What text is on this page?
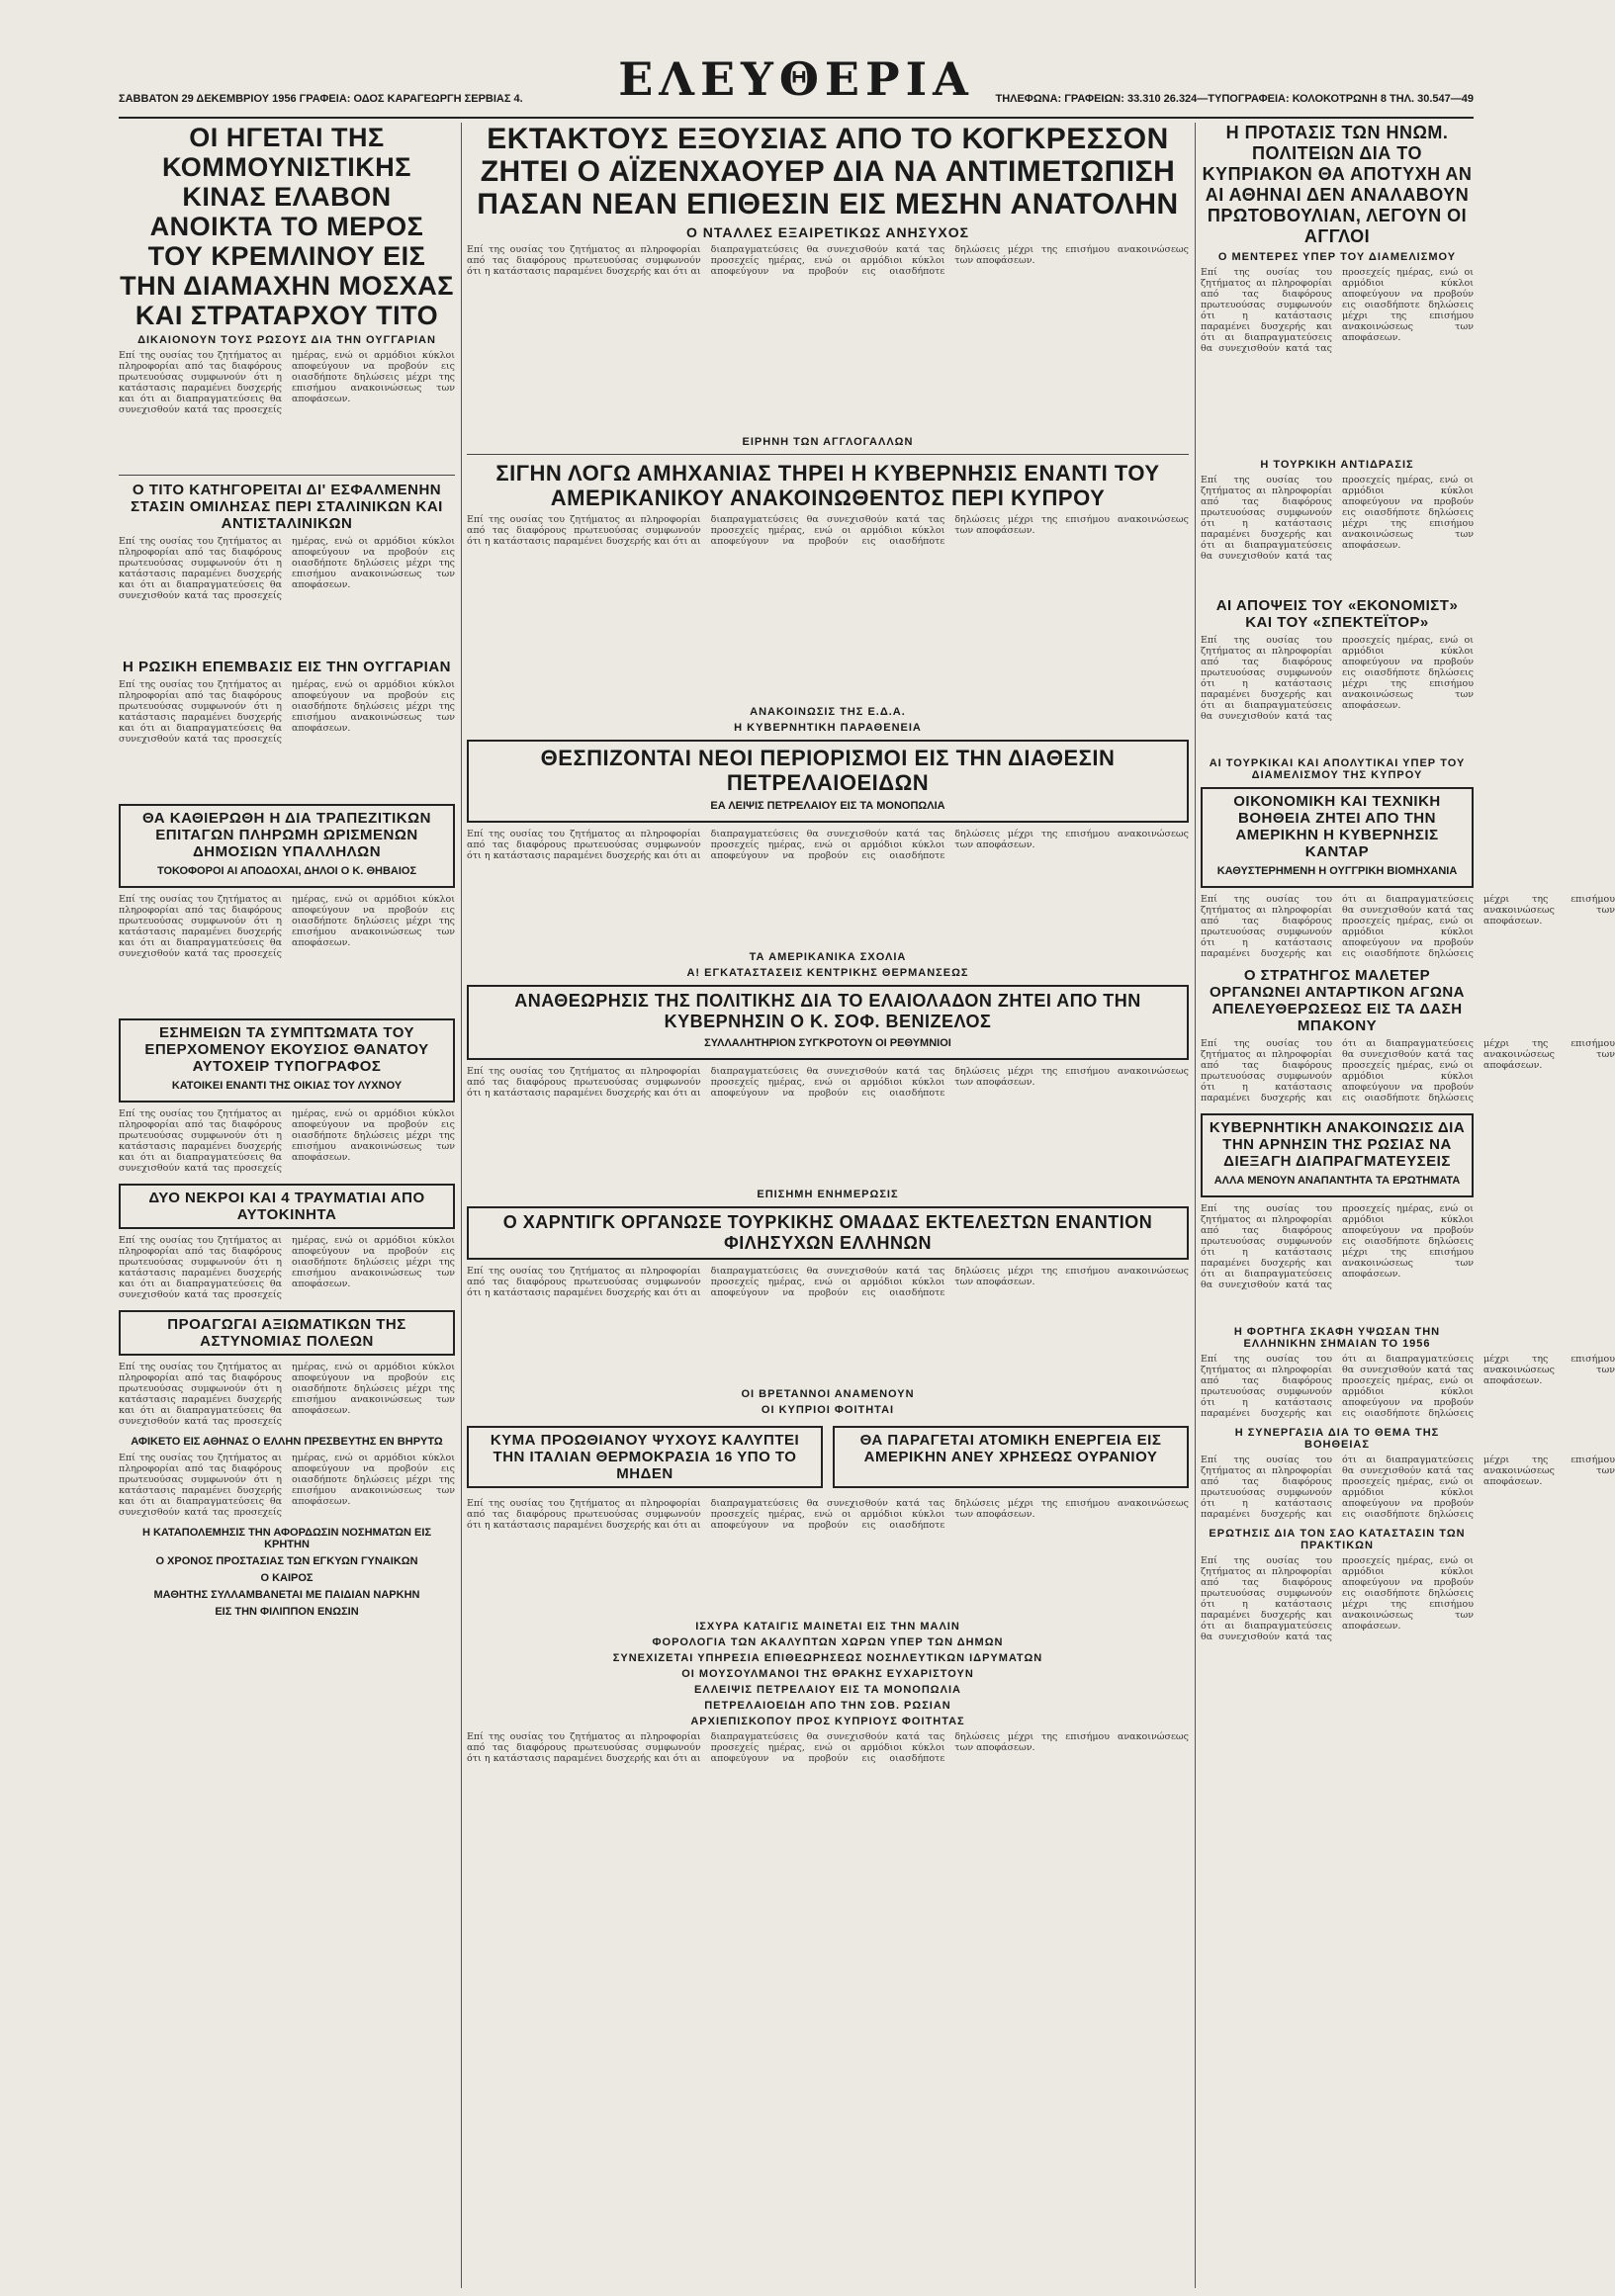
ΕΛΕΥΘΕΡΙΑ
ΣΑΒΒΑΤΟΝ 29 ΔΕΚΕΜΒΡΙΟΥ 1956 ΓΡΑΦΕΙΑ: ΟΔΟΣ ΚΑΡΑΓΕΩΡΓΗ ΣΕΡΒΙΑΣ 4.	ΤΗΛΕΦΩΝΑ: ΓΡΑΦΕΙΩΝ: 33.310 26.324—ΤΥΠΟΓΡΑΦΕΙΑ: ΚΟΛΟΚΟΤΡΩΝΗ 8 ΤΗΛ. 30.547—49
ΟΙ ΗΓΕΤΑΙ ΤΗΣ ΚΟΜΜΟΥΝΙΣΤΙΚΗΣ ΚΙΝΑΣ ΕΛΑΒΟΝ ΑΝΟΙΚΤΑ ΤΟ ΜΕΡΟΣ ΤΟΥ ΚΡΕΜΛΙΝΟΥ ΕΙΣ ΤΗΝ ΔΙΑΜΑΧΗΝ ΜΟΣΧΑΣ ΚΑΙ ΣΤΡΑΤΑΡΧΟΥ ΤΙΤΟ
ΔΙΚΑΙΟΝΟΥΝ ΤΟΥΣ ΡΩΣΟΥΣ ΔΙΑ ΤΗΝ ΟΥΓΓΑΡΙΑΝ
Επί της ουσίας του ζητήματος αι πληροφορίαι από τας διαφόρους πρωτευούσας συμφωνούν ότι η κατάστασις παραμένει δυσχερής και ότι αι διαπραγματεύσεις θα συνεχισθούν κατά τας προσεχείς ημέρας, ενώ οι αρμόδιοι κύκλοι αποφεύγουν να προβούν εις οιασδήποτε δηλώσεις μέχρι της επισήμου ανακοινώσεως των αποφάσεων.
Ο ΤΙΤΟ ΚΑΤΗΓΟΡΕΙΤΑΙ ΔΙ' ΕΣΦΑΛΜΕΝΗΝ ΣΤΑΣΙΝ ΟΜΙΛΗΣΑΣ ΠΕΡΙ ΣΤΑΛΙΝΙΚΩΝ ΚΑΙ ΑΝΤΙΣΤΑΛΙΝΙΚΩΝ
Επί της ουσίας του ζητήματος αι πληροφορίαι από τας διαφόρους πρωτευούσας συμφωνούν ότι η κατάστασις παραμένει δυσχερής και ότι αι διαπραγματεύσεις θα συνεχισθούν κατά τας προσεχείς ημέρας, ενώ οι αρμόδιοι κύκλοι αποφεύγουν να προβούν εις οιασδήποτε δηλώσεις μέχρι της επισήμου ανακοινώσεως των αποφάσεων.
Η ΡΩΣΙΚΗ ΕΠΕΜΒΑΣΙΣ ΕΙΣ ΤΗΝ ΟΥΓΓΑΡΙΑΝ
Επί της ουσίας του ζητήματος αι πληροφορίαι από τας διαφόρους πρωτευούσας συμφωνούν ότι η κατάστασις παραμένει δυσχερής και ότι αι διαπραγματεύσεις θα συνεχισθούν κατά τας προσεχείς ημέρας, ενώ οι αρμόδιοι κύκλοι αποφεύγουν να προβούν εις οιασδήποτε δηλώσεις μέχρι της επισήμου ανακοινώσεως των αποφάσεων.
ΘΑ ΚΑΘΙΕΡΩΘΗ Η ΔΙΑ ΤΡΑΠΕΖΙΤΙΚΩΝ ΕΠΙΤΑΓΩΝ ΠΛΗΡΩΜΗ ΩΡΙΣΜΕΝΩΝ ΔΗΜΟΣΙΩΝ ΥΠΑΛΛΗΛΩΝ
ΤΟΚΟΦΟΡΟΙ ΑΙ ΑΠΟΔΟΧΑΙ, ΔΗΛΟΙ Ο Κ. ΘΗΒΑΙΟΣ
Επί της ουσίας του ζητήματος αι πληροφορίαι από τας διαφόρους πρωτευούσας συμφωνούν ότι η κατάστασις παραμένει δυσχερής και ότι αι διαπραγματεύσεις θα συνεχισθούν κατά τας προσεχείς ημέρας, ενώ οι αρμόδιοι κύκλοι αποφεύγουν να προβούν εις οιασδήποτε δηλώσεις μέχρι της επισήμου ανακοινώσεως των αποφάσεων.
ΕΣΗΜΕΙΩΝ ΤΑ ΣΥΜΠΤΩΜΑΤΑ ΤΟΥ ΕΠΕΡΧΟΜΕΝΟΥ ΕΚΟΥΣΙΟΣ ΘΑΝΑΤΟΥ ΑΥΤΟΧΕΙΡ ΤΥΠΟΓΡΑΦΟΣ
ΚΑΤΟΙΚΕΙ ΕΝΑΝΤΙ ΤΗΣ ΟΙΚΙΑΣ ΤΟΥ ΛΥΧΝΟΥ
Επί της ουσίας του ζητήματος αι πληροφορίαι από τας διαφόρους πρωτευούσας συμφωνούν ότι η κατάστασις παραμένει δυσχερής και ότι αι διαπραγματεύσεις θα συνεχισθούν κατά τας προσεχείς ημέρας, ενώ οι αρμόδιοι κύκλοι αποφεύγουν να προβούν εις οιασδήποτε δηλώσεις μέχρι της επισήμου ανακοινώσεως των αποφάσεων.
ΔΥΟ ΝΕΚΡΟΙ ΚΑΙ 4 ΤΡΑΥΜΑΤΙΑΙ ΑΠΟ ΑΥΤΟΚΙΝΗΤΑ
Επί της ουσίας του ζητήματος αι πληροφορίαι από τας διαφόρους πρωτευούσας συμφωνούν ότι η κατάστασις παραμένει δυσχερής και ότι αι διαπραγματεύσεις θα συνεχισθούν κατά τας προσεχείς ημέρας, ενώ οι αρμόδιοι κύκλοι αποφεύγουν να προβούν εις οιασδήποτε δηλώσεις μέχρι της επισήμου ανακοινώσεως των αποφάσεων.
ΠΡΟΑΓΩΓΑΙ ΑΞΙΩΜΑΤΙΚΩΝ ΤΗΣ ΑΣΤΥΝΟΜΙΑΣ ΠΟΛΕΩΝ
Επί της ουσίας του ζητήματος αι πληροφορίαι από τας διαφόρους πρωτευούσας συμφωνούν ότι η κατάστασις παραμένει δυσχερής και ότι αι διαπραγματεύσεις θα συνεχισθούν κατά τας προσεχείς ημέρας, ενώ οι αρμόδιοι κύκλοι αποφεύγουν να προβούν εις οιασδήποτε δηλώσεις μέχρι της επισήμου ανακοινώσεως των αποφάσεων.
ΑΦΙΚΕΤΟ ΕΙΣ ΑΘΗΝΑΣ Ο ΕΛΛΗΝ ΠΡΕΣΒΕΥΤΗΣ ΕΝ ΒΗΡΥΤΩ
Επί της ουσίας του ζητήματος αι πληροφορίαι από τας διαφόρους πρωτευούσας συμφωνούν ότι η κατάστασις παραμένει δυσχερής και ότι αι διαπραγματεύσεις θα συνεχισθούν κατά τας προσεχείς ημέρας, ενώ οι αρμόδιοι κύκλοι αποφεύγουν να προβούν εις οιασδήποτε δηλώσεις μέχρι της επισήμου ανακοινώσεως των αποφάσεων.
Η ΚΑΤΑΠΟΛΕΜΗΣΙΣ ΤΗΝ ΑΦΟΡΔΩΣΙΝ ΝΟΣΗΜΑΤΩΝ ΕΙΣ ΚΡΗΤΗΝ
Ο ΧΡΟΝΟΣ ΠΡΟΣΤΑΣΙΑΣ ΤΩΝ ΕΓΚΥΩΝ ΓΥΝΑΙΚΩΝ
Ο ΚΑΙΡΟΣ
ΜΑΘΗΤΗΣ ΣΥΛΛΑΜΒΑΝΕΤΑΙ ΜΕ ΠΑΙΔΙΑΝ ΝΑΡΚΗΝ
ΕΙΣ ΤΗΝ ΦΙΛΙΠΠΟΝ ΕΝΩΣΙΝ
ΕΚΤΑΚΤΟΥΣ ΕΞΟΥΣΙΑΣ ΑΠΟ ΤΟ ΚΟΓΚΡΕΣΣΟΝ ΖΗΤΕΙ Ο ΑΪΖΕΝΧΑΟΥΕΡ ΔΙΑ ΝΑ ΑΝΤΙΜΕΤΩΠΙΣΗ ΠΑΣΑΝ ΝΕΑΝ ΕΠΙΘΕΣΙΝ ΕΙΣ ΜΕΣΗΝ ΑΝΑΤΟΛΗΝ
Ο ΝΤΑΛΛΕΣ ΕΞΑΙΡΕΤΙΚΩΣ ΑΝΗΣΥΧΟΣ
Επί της ουσίας του ζητήματος αι πληροφορίαι από τας διαφόρους πρωτευούσας συμφωνούν ότι η κατάστασις παραμένει δυσχερής και ότι αι διαπραγματεύσεις θα συνεχισθούν κατά τας προσεχείς ημέρας, ενώ οι αρμόδιοι κύκλοι αποφεύγουν να προβούν εις οιασδήποτε δηλώσεις μέχρι της επισήμου ανακοινώσεως των αποφάσεων.
ΕΙΡΗΝΗ ΤΩΝ ΑΓΓΛΟΓΑΛΛΩΝ
ΣΙΓΗΝ ΛΟΓΩ ΑΜΗΧΑΝΙΑΣ ΤΗΡΕΙ Η ΚΥΒΕΡΝΗΣΙΣ ΕΝΑΝΤΙ ΤΟΥ ΑΜΕΡΙΚΑΝΙΚΟΥ ΑΝΑΚΟΙΝΩΘΕΝΤΟΣ ΠΕΡΙ ΚΥΠΡΟΥ
Επί της ουσίας του ζητήματος αι πληροφορίαι από τας διαφόρους πρωτευούσας συμφωνούν ότι η κατάστασις παραμένει δυσχερής και ότι αι διαπραγματεύσεις θα συνεχισθούν κατά τας προσεχείς ημέρας, ενώ οι αρμόδιοι κύκλοι αποφεύγουν να προβούν εις οιασδήποτε δηλώσεις μέχρι της επισήμου ανακοινώσεως των αποφάσεων.
ΑΝΑΚΟΙΝΩΣΙΣ ΤΗΣ Ε.Δ.Α.
Η ΚΥΒΕΡΝΗΤΙΚΗ ΠΑΡΑΘΕΝΕΙΑ
ΘΕΣΠΙΖΟΝΤΑΙ ΝΕΟΙ ΠΕΡΙΟΡΙΣΜΟΙ ΕΙΣ ΤΗΝ ΔΙΑΘΕΣΙΝ ΠΕΤΡΕΛΑΙΟΕΙΔΩΝ
ΕΑ ΛΕΙΨΙΣ ΠΕΤΡΕΛΑΙΟΥ ΕΙΣ ΤΑ ΜΟΝΟΠΩΛΙΑ
Επί της ουσίας του ζητήματος αι πληροφορίαι από τας διαφόρους πρωτευούσας συμφωνούν ότι η κατάστασις παραμένει δυσχερής και ότι αι διαπραγματεύσεις θα συνεχισθούν κατά τας προσεχείς ημέρας, ενώ οι αρμόδιοι κύκλοι αποφεύγουν να προβούν εις οιασδήποτε δηλώσεις μέχρι της επισήμου ανακοινώσεως των αποφάσεων.
ΤΑ ΑΜΕΡΙΚΑΝΙΚΑ ΣΧΟΛΙΑ
Α! ΕΓΚΑΤΑΣΤΑΣΕΙΣ ΚΕΝΤΡΙΚΗΣ ΘΕΡΜΑΝΣΕΩΣ
ΑΝΑΘΕΩΡΗΣΙΣ ΤΗΣ ΠΟΛΙΤΙΚΗΣ ΔΙΑ ΤΟ ΕΛΑΙΟΛΑΔΟΝ ΖΗΤΕΙ ΑΠΟ ΤΗΝ ΚΥΒΕΡΝΗΣΙΝ Ο Κ. ΣΟΦ. ΒΕΝΙΖΕΛΟΣ
ΣΥΛΛΑΛΗΤΗΡΙΟΝ ΣΥΓΚΡΟΤΟΥΝ ΟΙ ΡΕΘΥΜΝΙΟΙ
Επί της ουσίας του ζητήματος αι πληροφορίαι από τας διαφόρους πρωτευούσας συμφωνούν ότι η κατάστασις παραμένει δυσχερής και ότι αι διαπραγματεύσεις θα συνεχισθούν κατά τας προσεχείς ημέρας, ενώ οι αρμόδιοι κύκλοι αποφεύγουν να προβούν εις οιασδήποτε δηλώσεις μέχρι της επισήμου ανακοινώσεως των αποφάσεων.
ΕΠΙΣΗΜΗ ΕΝΗΜΕΡΩΣΙΣ
Ο ΧΑΡΝΤΙΓΚ ΟΡΓΑΝΩΣΕ ΤΟΥΡΚΙΚΗΣ ΟΜΑΔΑΣ ΕΚΤΕΛΕΣΤΩΝ ΕΝΑΝΤΙΟΝ ΦΙΛΗΣΥΧΩΝ ΕΛΛΗΝΩΝ
Επί της ουσίας του ζητήματος αι πληροφορίαι από τας διαφόρους πρωτευούσας συμφωνούν ότι η κατάστασις παραμένει δυσχερής και ότι αι διαπραγματεύσεις θα συνεχισθούν κατά τας προσεχείς ημέρας, ενώ οι αρμόδιοι κύκλοι αποφεύγουν να προβούν εις οιασδήποτε δηλώσεις μέχρι της επισήμου ανακοινώσεως των αποφάσεων.
ΟΙ ΒΡΕΤΑΝΝΟΙ ΑΝΑΜΕΝΟΥΝ
ΟΙ ΚΥΠΡΙΟΙ ΦΟΙΤΗΤΑΙ
ΚΥΜΑ ΠΡΟΩΘΙΑΝΟΥ ΨΥΧΟΥΣ ΚΑΛΥΠΤΕΙ ΤΗΝ ΙΤΑΛΙΑΝ ΘΕΡΜΟΚΡΑΣΙΑ 16 ΥΠΟ ΤΟ ΜΗΔΕΝ
ΘΑ ΠΑΡΑΓΕΤΑΙ ΑΤΟΜΙΚΗ ΕΝΕΡΓΕΙΑ ΕΙΣ ΑΜΕΡΙΚΗΝ ΑΝΕΥ ΧΡΗΣΕΩΣ ΟΥΡΑΝΙΟΥ
Επί της ουσίας του ζητήματος αι πληροφορίαι από τας διαφόρους πρωτευούσας συμφωνούν ότι η κατάστασις παραμένει δυσχερής και ότι αι διαπραγματεύσεις θα συνεχισθούν κατά τας προσεχείς ημέρας, ενώ οι αρμόδιοι κύκλοι αποφεύγουν να προβούν εις οιασδήποτε δηλώσεις μέχρι της επισήμου ανακοινώσεως των αποφάσεων.
ΙΣΧΥΡΑ ΚΑΤΑΙΓΙΣ ΜΑΙΝΕΤΑΙ ΕΙΣ ΤΗΝ ΜΑΛΙΝ
ΦΟΡΟΛΟΓΙΑ ΤΩΝ ΑΚΑΛΥΠΤΩΝ ΧΩΡΩΝ ΥΠΕΡ ΤΩΝ ΔΗΜΩΝ
ΣΥΝΕΧΙΖΕΤΑΙ ΥΠΗΡΕΣΙΑ ΕΠΙΘΕΩΡΗΣΕΩΣ ΝΟΣΗΛΕΥΤΙΚΩΝ ΙΔΡΥΜΑΤΩΝ
ΟΙ ΜΟΥΣΟΥΛΜΑΝΟΙ ΤΗΣ ΘΡΑΚΗΣ ΕΥΧΑΡΙΣΤΟΥΝ
ΕΛΛΕΙΨΙΣ ΠΕΤΡΕΛΑΙΟΥ ΕΙΣ ΤΑ ΜΟΝΟΠΩΛΙΑ
ΠΕΤΡΕΛΑΙΟΕΙΔΗ ΑΠΟ ΤΗΝ ΣΟΒ. ΡΩΣΙΑΝ
ΑΡΧΙΕΠΙΣΚΟΠΟΥ ΠΡΟΣ ΚΥΠΡΙΟΥΣ ΦΟΙΤΗΤΑΣ
Επί της ουσίας του ζητήματος αι πληροφορίαι από τας διαφόρους πρωτευούσας συμφωνούν ότι η κατάστασις παραμένει δυσχερής και ότι αι διαπραγματεύσεις θα συνεχισθούν κατά τας προσεχείς ημέρας, ενώ οι αρμόδιοι κύκλοι αποφεύγουν να προβούν εις οιασδήποτε δηλώσεις μέχρι της επισήμου ανακοινώσεως των αποφάσεων.
Η ΠΡΟΤΑΣΙΣ ΤΩΝ ΗΝΩΜ. ΠΟΛΙΤΕΙΩΝ ΔΙΑ ΤΟ ΚΥΠΡΙΑΚΟΝ ΘΑ ΑΠΟΤΥΧΗ ΑΝ ΑΙ ΑΘΗΝΑΙ ΔΕΝ ΑΝΑΛΑΒΟΥΝ ΠΡΩΤΟΒΟΥΛΙΑΝ, ΛΕΓΟΥΝ ΟΙ ΑΓΓΛΟΙ
Ο ΜΕΝΤΕΡΕΣ ΥΠΕΡ ΤΟΥ ΔΙΑΜΕΛΙΣΜΟΥ
Επί της ουσίας του ζητήματος αι πληροφορίαι από τας διαφόρους πρωτευούσας συμφωνούν ότι η κατάστασις παραμένει δυσχερής και ότι αι διαπραγματεύσεις θα συνεχισθούν κατά τας προσεχείς ημέρας, ενώ οι αρμόδιοι κύκλοι αποφεύγουν να προβούν εις οιασδήποτε δηλώσεις μέχρι της επισήμου ανακοινώσεως των αποφάσεων.
Η ΤΟΥΡΚΙΚΗ ΑΝΤΙΔΡΑΣΙΣ
Επί της ουσίας του ζητήματος αι πληροφορίαι από τας διαφόρους πρωτευούσας συμφωνούν ότι η κατάστασις παραμένει δυσχερής και ότι αι διαπραγματεύσεις θα συνεχισθούν κατά τας προσεχείς ημέρας, ενώ οι αρμόδιοι κύκλοι αποφεύγουν να προβούν εις οιασδήποτε δηλώσεις μέχρι της επισήμου ανακοινώσεως των αποφάσεων.
ΑΙ ΑΠΟΨΕΙΣ ΤΟΥ «ΕΚΟΝΟΜΙΣΤ» ΚΑΙ ΤΟΥ «ΣΠΕΚΤΕΪΤΟΡ»
Επί της ουσίας του ζητήματος αι πληροφορίαι από τας διαφόρους πρωτευούσας συμφωνούν ότι η κατάστασις παραμένει δυσχερής και ότι αι διαπραγματεύσεις θα συνεχισθούν κατά τας προσεχείς ημέρας, ενώ οι αρμόδιοι κύκλοι αποφεύγουν να προβούν εις οιασδήποτε δηλώσεις μέχρι της επισήμου ανακοινώσεως των αποφάσεων.
ΑΙ ΤΟΥΡΚΙΚΑΙ ΚΑΙ ΑΠΟΛΥΤΙΚΑΙ ΥΠΕΡ ΤΟΥ ΔΙΑΜΕΛΙΣΜΟΥ ΤΗΣ ΚΥΠΡΟΥ
ΟΙΚΟΝΟΜΙΚΗ ΚΑΙ ΤΕΧΝΙΚΗ ΒΟΗΘΕΙΑ ΖΗΤΕΙ ΑΠΟ ΤΗΝ ΑΜΕΡΙΚΗΝ Η ΚΥΒΕΡΝΗΣΙΣ ΚΑΝΤΑΡ
ΚΑΘΥΣΤΕΡΗΜΕΝΗ Η ΟΥΓΓΡΙΚΗ ΒΙΟΜΗΧΑΝΙΑ
Επί της ουσίας του ζητήματος αι πληροφορίαι από τας διαφόρους πρωτευούσας συμφωνούν ότι η κατάστασις παραμένει δυσχερής και ότι αι διαπραγματεύσεις θα συνεχισθούν κατά τας προσεχείς ημέρας, ενώ οι αρμόδιοι κύκλοι αποφεύγουν να προβούν εις οιασδήποτε δηλώσεις μέχρι της επισήμου ανακοινώσεως των αποφάσεων.
Ο ΣΤΡΑΤΗΓΟΣ ΜΑΛΕΤΕΡ ΟΡΓΑΝΩΝΕΙ ΑΝΤΑΡΤΙΚΟΝ ΑΓΩΝΑ ΑΠΕΛΕΥΘΕΡΩΣΕΩΣ ΕΙΣ ΤΑ ΔΑΣΗ ΜΠΑΚΟΝΥ
Επί της ουσίας του ζητήματος αι πληροφορίαι από τας διαφόρους πρωτευούσας συμφωνούν ότι η κατάστασις παραμένει δυσχερής και ότι αι διαπραγματεύσεις θα συνεχισθούν κατά τας προσεχείς ημέρας, ενώ οι αρμόδιοι κύκλοι αποφεύγουν να προβούν εις οιασδήποτε δηλώσεις μέχρι της επισήμου ανακοινώσεως των αποφάσεων.
ΚΥΒΕΡΝΗΤΙΚΗ ΑΝΑΚΟΙΝΩΣΙΣ ΔΙΑ ΤΗΝ ΑΡΝΗΣΙΝ ΤΗΣ ΡΩΣΙΑΣ ΝΑ ΔΙΕΞΑΓΗ ΔΙΑΠΡΑΓΜΑΤΕΥΣΕΙΣ
ΑΛΛΑ ΜΕΝΟΥΝ ΑΝΑΠΑΝΤΗΤΑ ΤΑ ΕΡΩΤΗΜΑΤΑ
Επί της ουσίας του ζητήματος αι πληροφορίαι από τας διαφόρους πρωτευούσας συμφωνούν ότι η κατάστασις παραμένει δυσχερής και ότι αι διαπραγματεύσεις θα συνεχισθούν κατά τας προσεχείς ημέρας, ενώ οι αρμόδιοι κύκλοι αποφεύγουν να προβούν εις οιασδήποτε δηλώσεις μέχρι της επισήμου ανακοινώσεως των αποφάσεων.
Η ΦΟΡΤΗΓΑ ΣΚΑΦΗ ΥΨΩΣΑΝ ΤΗΝ ΕΛΛΗΝΙΚΗΝ ΣΗΜΑΙΑΝ ΤΟ 1956
Επί της ουσίας του ζητήματος αι πληροφορίαι από τας διαφόρους πρωτευούσας συμφωνούν ότι η κατάστασις παραμένει δυσχερής και ότι αι διαπραγματεύσεις θα συνεχισθούν κατά τας προσεχείς ημέρας, ενώ οι αρμόδιοι κύκλοι αποφεύγουν να προβούν εις οιασδήποτε δηλώσεις μέχρι της επισήμου ανακοινώσεως των αποφάσεων.
Η ΣΥΝΕΡΓΑΣΙΑ ΔΙΑ ΤΟ ΘΕΜΑ ΤΗΣ ΒΟΗΘΕΙΑΣ
Επί της ουσίας του ζητήματος αι πληροφορίαι από τας διαφόρους πρωτευούσας συμφωνούν ότι η κατάστασις παραμένει δυσχερής και ότι αι διαπραγματεύσεις θα συνεχισθούν κατά τας προσεχείς ημέρας, ενώ οι αρμόδιοι κύκλοι αποφεύγουν να προβούν εις οιασδήποτε δηλώσεις μέχρι της επισήμου ανακοινώσεως των αποφάσεων.
ΕΡΩΤΗΣΙΣ ΔΙΑ ΤΟΝ ΣΑΟ ΚΑΤΑΣΤΑΣΙΝ ΤΩΝ ΠΡΑΚΤΙΚΩΝ
Επί της ουσίας του ζητήματος αι πληροφορίαι από τας διαφόρους πρωτευούσας συμφωνούν ότι η κατάστασις παραμένει δυσχερής και ότι αι διαπραγματεύσεις θα συνεχισθούν κατά τας προσεχείς ημέρας, ενώ οι αρμόδιοι κύκλοι αποφεύγουν να προβούν εις οιασδήποτε δηλώσεις μέχρι της επισήμου ανακοινώσεως των αποφάσεων.
